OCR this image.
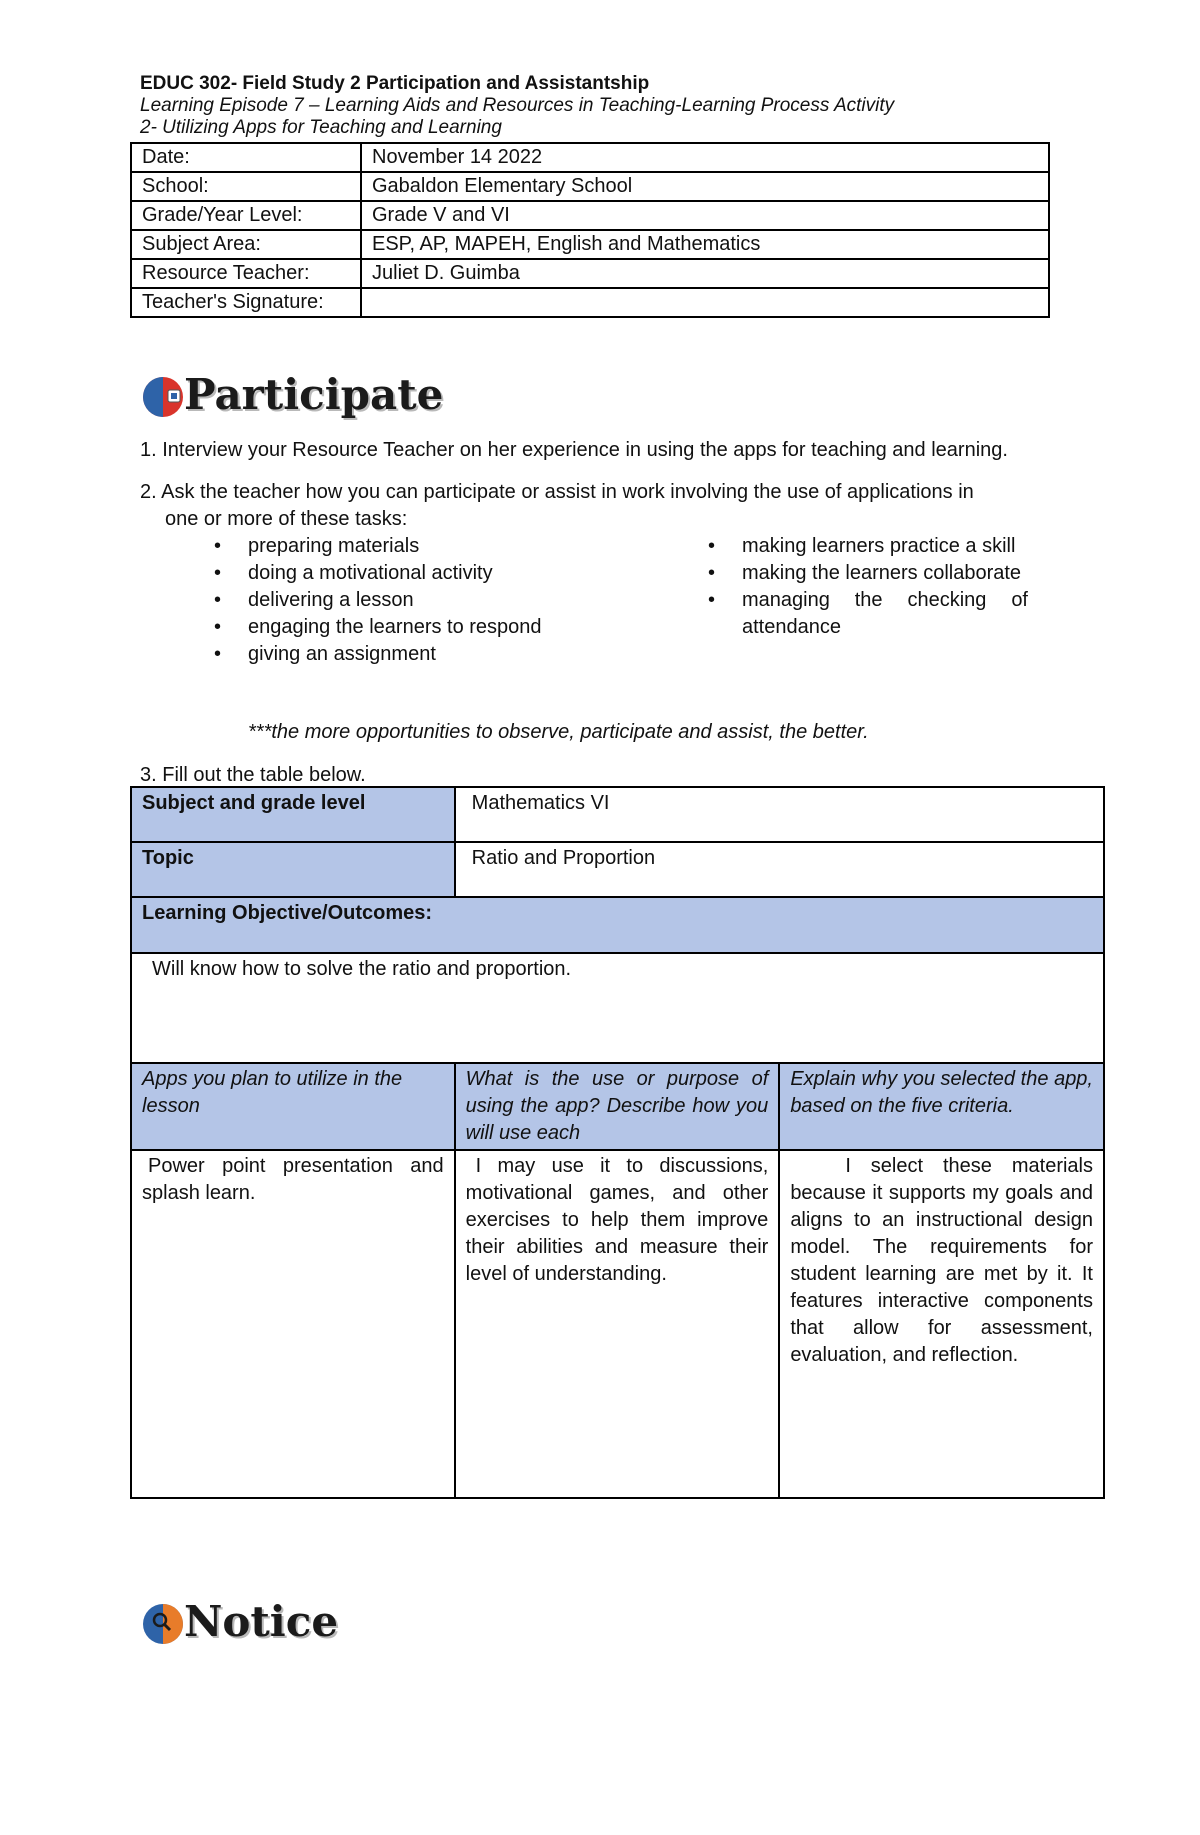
EDUC 302- Field Study 2 Participation and Assistantship
Learning Episode 7 – Learning Aids and Resources in Teaching-Learning Process Activity
2- Utilizing Apps for Teaching and Learning
Date:	November 14 2022
School:	Gabaldon Elementary School
Grade/Year Level:	Grade V and VI
Subject Area:	ESP, AP, MAPEH, English and Mathematics
Resource Teacher:	Juliet D. Guimba
Teacher's Signature:	
Participate
1. Interview your Resource Teacher on her experience in using the apps for teaching and learning.
2. Ask the teacher how you can participate or assist in work involving the use of applications in
one or more of these tasks:
• preparing materials
• doing a motivational activity
• delivering a lesson
• engaging the learners to respond
• giving an assignment
• making learners practice a skill
• making the learners collaborate
• managing the checking of attendance
***the more opportunities to observe, participate and assist, the better.
3. Fill out the table below.
Subject and grade level	Mathematics VI	
Topic	Ratio and Proportion	
Learning Objective/Outcomes:		
Will know how to solve the ratio and proportion.		
Apps you plan to utilize in the lesson	What is the use or purpose of using the app? Describe how you will use each	Explain why you selected the app, based on the five criteria.
Power point presentation and splash learn.	I may use it to discussions, motivational games, and other exercises to help them improve their abilities and measure their level of understanding.	I select these materials because it supports my goals and aligns to an instructional design model. The requirements for student learning are met by it. It features interactive components that allow for assessment, evaluation, and reflection.
Notice
